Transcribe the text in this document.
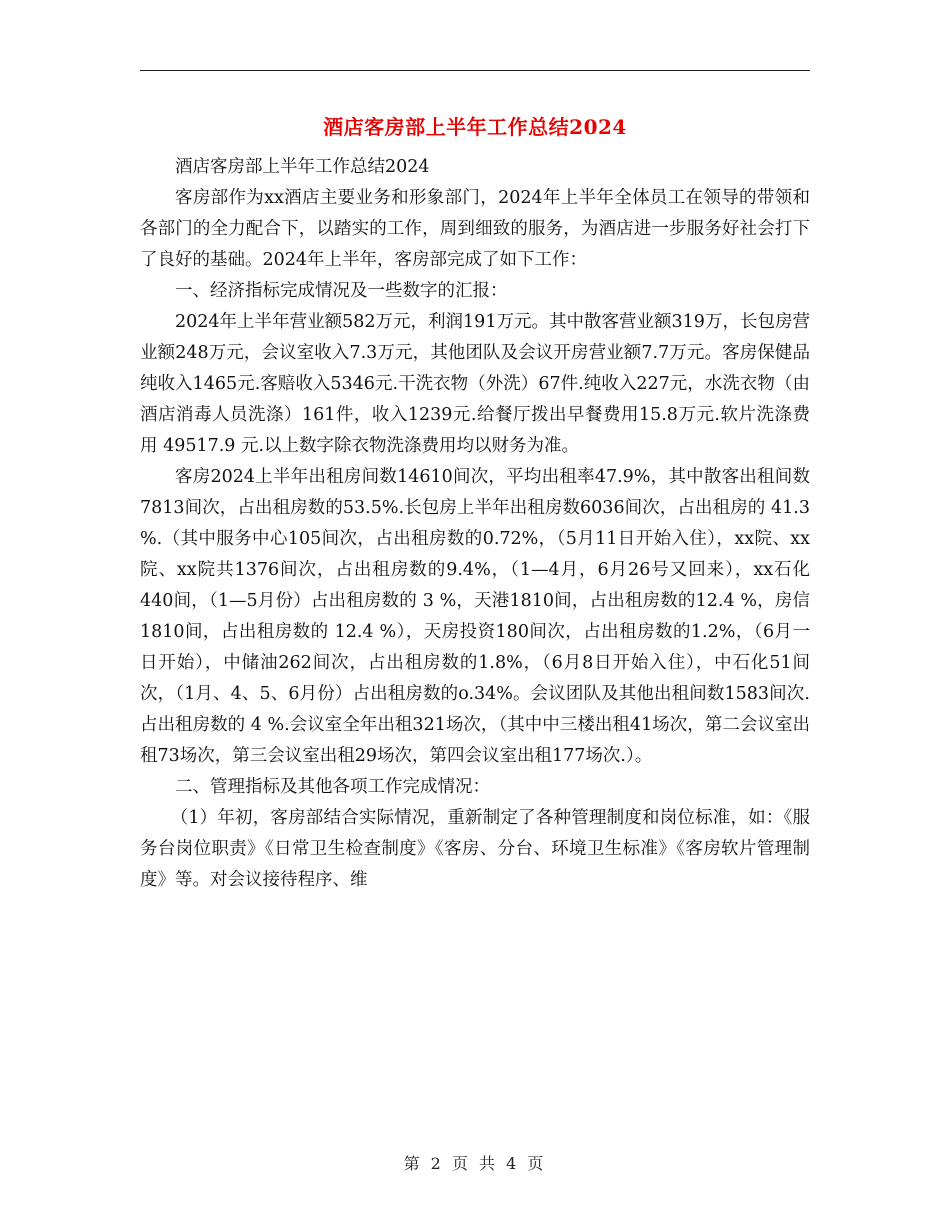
酒店客房部上半年工作总结2024

酒店客房部上半年工作总结2024

客房部作为xx酒店主要业务和形象部门，2024年上半年全体员工在领导的带领和各部门的全力配合下，以踏实的工作，周到细致的服务，为酒店进一步服务好社会打下了良好的基础。2024年上半年，客房部完成了如下工作：

一、经济指标完成情况及一些数字的汇报：

2024年上半年营业额582万元，利润191万元。其中散客营业额319万，长包房营业额248万元，会议室收入7.3万元，其他团队及会议开房营业额7.7万元。客房保健品纯收入1465元.客赔收入5346元.干洗衣物（外洗）67件.纯收入227元，水洗衣物（由酒店消毒人员洗涤）161件，收入1239元.给餐厅拨出早餐费用15.8万元.软片洗涤费用 49517.9 元.以上数字除衣物洗涤费用均以财务为准。

客房2024上半年出租房间数14610间次，平均出租率47.9%，其中散客出租间数7813间次，占出租房数的53.5%.长包房上半年出租房数6036间次，占出租房的 41.3 %.（其中服务中心105间次，占出租房数的0.72%，（5月11日开始入住），xx院、xx院、xx院共1376间次，占出租房数的9.4%，（1—4月，6月26号又回来），xx石化440间，（1—5月份）占出租房数的 3 %，天港1810间，占出租房数的12.4 %，房信1810间，占出租房数的 12.4 %），天房投资180间次，占出租房数的1.2%，（6月一日开始），中储油262间次，占出租房数的1.8%，（6月8日开始入住），中石化51间次，（1月、4、5、6月份）占出租房数的o.34%。会议团队及其他出租间数1583间次.占出租房数的 4 %.会议室全年出租321场次，（其中中三楼出租41场次，第二会议室出租73场次，第三会议室出租29场次，第四会议室出租177场次.）。

二、管理指标及其他各项工作完成情况：

（1）年初，客房部结合实际情况，重新制定了各种管理制度和岗位标准，如：《服务台岗位职责》《日常卫生检查制度》《客房、分台、环境卫生标准》《客房软片管理制度》等。对会议接待程序、维

第 2 页 共 4 页
